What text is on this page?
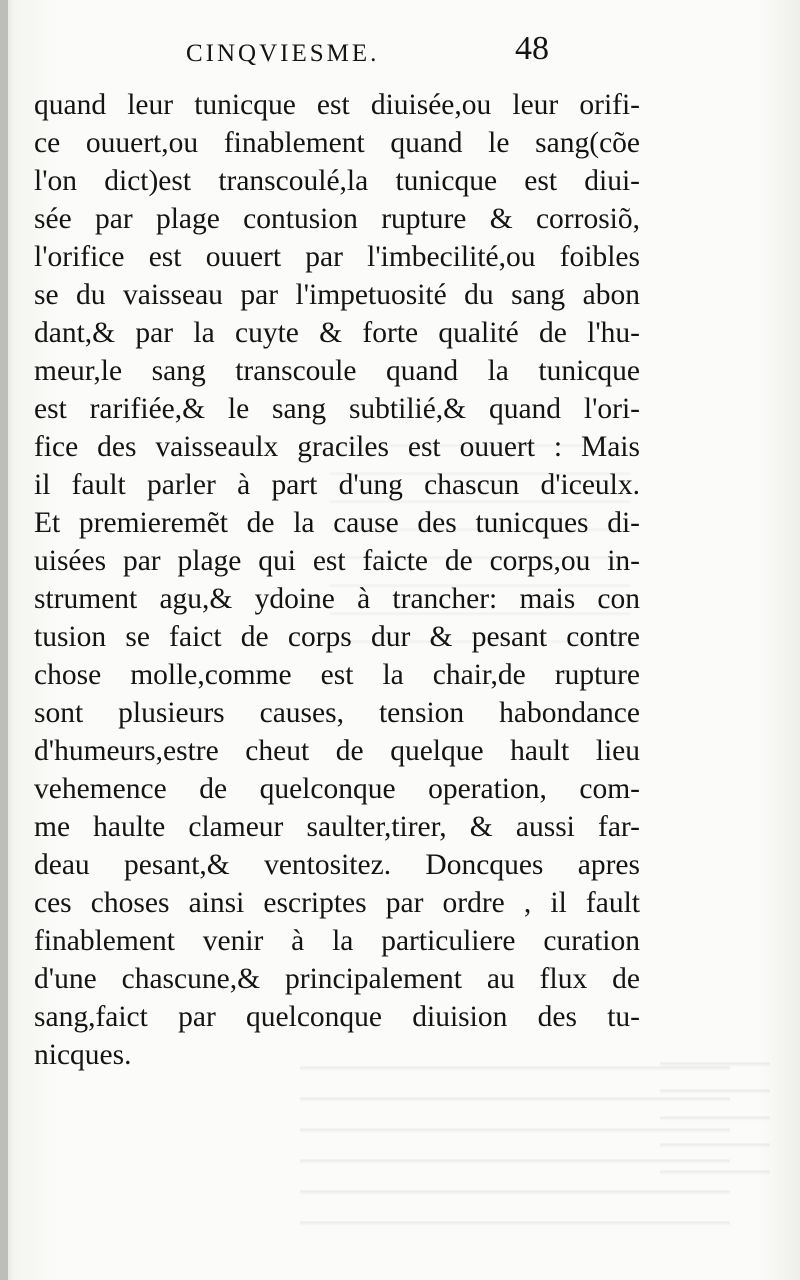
CINQVIESME.	48
quand leur tunicque est diuisée,ou leur orifi-
ce ouuert,ou finablement quand le sang(cõe
l'on dict)est transcoulé,la tunicque est diui-
sée par plage contusion rupture & corrosiõ,
l'orifice est ouuert par l'imbecilité,ou foibles
se du vaisseau par l'impetuosité du sang abon
dant,& par la cuyte & forte qualité de l'hu-
meur,le sang transcoule quand la tunicque
est rarifiée,& le sang subtilié,& quand l'ori-
fice des vaisseaulx graciles est ouuert : Mais
il fault parler à part d'ung chascun d'iceulx.
Et premieremẽt de la cause des tunicques di-
uisées par plage qui est faicte de corps,ou in-
strument agu,& ydoine à trancher: mais con
tusion se faict de corps dur & pesant contre
chose molle,comme est la chair,de rupture
sont plusieurs causes, tension habondance
d'humeurs,estre cheut de quelque hault lieu
vehemence de quelconque operation, com-
me haulte clameur saulter,tirer, & aussi far-
deau pesant,& ventositez. Doncques apres
ces choses ainsi escriptes par ordre , il fault
finablement venir à la particuliere curation
d'une chascune,& principalement au flux de
sang,faict par quelconque diuision des tu-
nicques.
